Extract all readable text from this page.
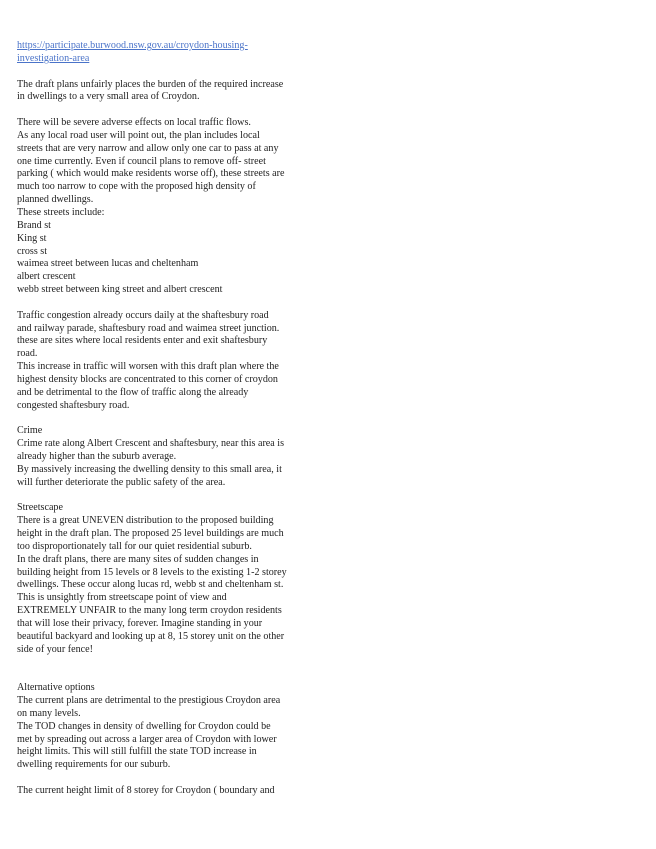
https://participate.burwood.nsw.gov.au/croydon-housing-
investigation-area
The draft plans unfairly places the burden of the required increase
in dwellings to a very small area of Croydon.
There will be severe adverse effects on local traffic flows.
As any local road user will point out, the plan includes local
streets that are very narrow and allow only one car to pass at any
one time currently. Even if council plans to remove off- street
parking ( which would make residents worse off), these streets are
much too narrow to cope with the proposed high density of
planned dwellings.
These streets include:
Brand st
King st
cross st
waimea street between lucas and cheltenham
albert crescent
webb street between king street and albert crescent
Traffic congestion already occurs daily at the shaftesbury road
and railway parade, shaftesbury road and waimea street junction.
these are sites where local residents enter and exit shaftesbury
road.
This increase in traffic will worsen with this draft plan where the
highest density blocks are concentrated to this corner of croydon
and be detrimental to the flow of traffic along the already
congested shaftesbury road.
Crime
Crime rate along Albert Crescent and shaftesbury, near this area is
already higher than the suburb average.
By massively increasing the dwelling density to this small area, it
will further deteriorate the public safety of the area.
Streetscape
There is a great UNEVEN distribution to the proposed building
height in the draft plan. The proposed 25 level buildings are much
too disproportionately tall for our quiet residential suburb.
In the draft plans, there are many sites of sudden changes in
building height from 15 levels or 8 levels to the existing 1-2 storey
dwellings. These occur along lucas rd, webb st and cheltenham st.
This is unsightly from streetscape point of view and
EXTREMELY UNFAIR to the many long term croydon residents
that will lose their privacy, forever. Imagine standing in your
beautiful backyard and looking up at 8, 15 storey unit on the other
side of your fence!
Alternative options
The current plans are detrimental to the prestigious Croydon area
on many levels.
The TOD changes in density of dwelling for Croydon could be
met by spreading out across a larger area of Croydon with lower
height limits. This will still fulfill the state TOD increase in
dwelling requirements for our suburb.
The current height limit of 8 storey for Croydon ( boundary and
